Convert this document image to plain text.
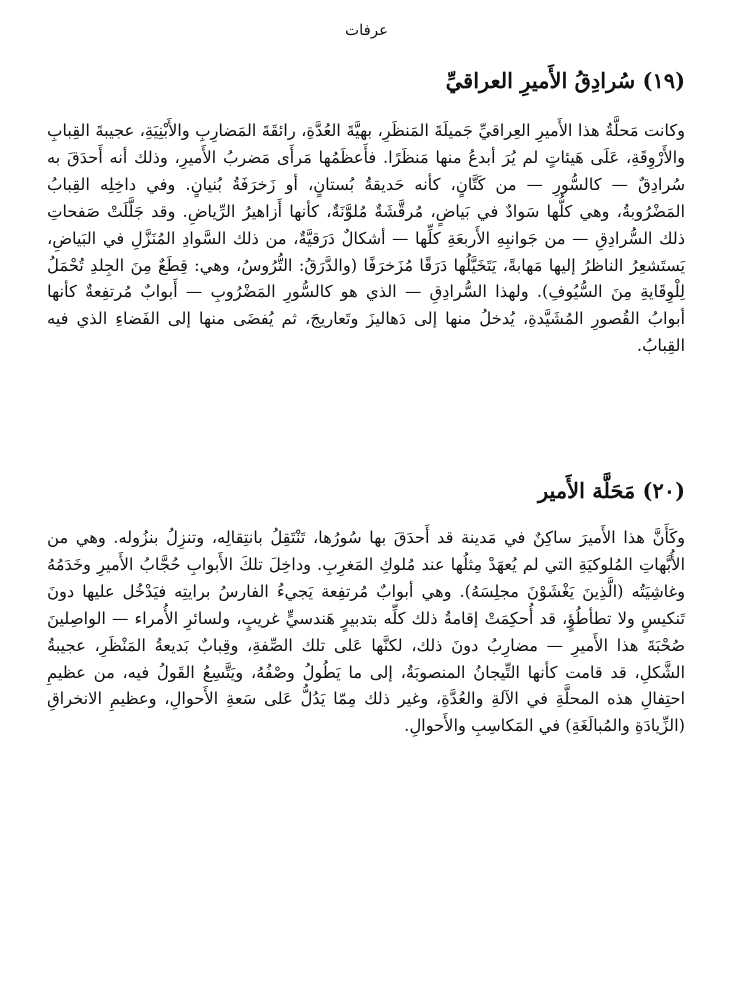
عرفات
(١٩) سُرادِقُ الأَميرِ العراقيِّ

وكانت مَحلَّةُ هذا الأَميرِ العِراقيِّ جَميلَةَ المَنظَرِ، بهيَّةَ العُدَّةِ، رائقَةَ المَضارِبِ والأَبْنِيَةِ، عجيبةَ القِبابِ والأَرْوِقَةِ، عَلَى هَيئاتٍ لم يُرَ أبدعُ منها مَنظَرًا. فأَعظَمُها مَرأَى مَضربُ الأَميرِ، وذلك أنه أَحدَقَ به سُرادِقٌ — كالسُّورِ — من كَتَّانٍ، كأنه حَديقةُ بُستانٍ، أو زَخرَفَةُ بُنيانٍ. وفي داخِلِه القِبابُ المَضْرُوبةُ، وهي كلُّها سَوادٌ في بَياضٍ، مُرقَّشَةٌ مُلوَّنَةٌ، كأنها أَزاهيرُ الرِّياضِ. وقد جَلَّلَتْ صَفحاتِ ذلك السُّرادِقِ — من جَوانبِهِ الأَربعَةِ كلِّها — أشكالٌ دَرَقيَّةٌ، من ذلك السَّوادِ المُنَزَّلِ في البَياضِ، يَستَشعِرُ الناظرُ إليها مَهابةً، يَتَخَيَّلُها دَرَقًا مُزَخرَفًا (والدَّرَقُ: التُّرُوسُ، وهي: قِطَعٌ مِنَ الجِلدِ تُحْمَلُ لِلْوِقَايةِ مِنَ السُّيُوفِ). ولهذا السُّرادِقِ — الذي هو كالسُّورِ المَضْرُوبِ — أَبوابٌ مُرتفِعةٌ كأنها أبوابُ القُصورِ المُشَيَّدةِ، يُدخلُ منها إلى دَهاليزَ وتَعاريجَ، ثم يُفضَى منها إلى الفَضاءِ الذي فيه القِبابُ.

(٢٠) مَحَلَّة الأَمير

وكَأَنَّ هذا الأَميرَ ساكِنٌ في مَدينة قد أَحدَقَ بها سُورُها، تَنْتَقِلُ بانتِقالِه، وتنزِلُ بنزُوله. وهي من الأُبَّهاتِ المُلوكيَةِ التي لم يُعهَدْ مِثلُها عند مُلوكِ المَغرِبِ. وداخِلَ تلكَ الأَبوابِ حُجَّابُ الأَميرِ وخَدَمُهُ وغاشِيَتُه (الَّذِينَ يَغْشَوْنَ مجلِسَهُ). وهي أبوابٌ مُرتفِعة يَجيءُ الفارسُ برايتِه فيَدْخُل عليها دونَ تَنكيسٍ ولا تطأطُؤٍ، قد أُحكِمَتْ إقامةُ ذلك كلِّه بتدبيرٍ هَندسيٍّ غريبٍ، ولسائرِ الأُمراء — الواصِلينَ صُحْبَةَ هذا الأَميرِ — مضارِبُ دونَ ذلك، لكنَّها عَلى تلك الصِّفةِ، وقِبابٌ بَديعةُ المَنْظَرِ، عجيبةُ الشَّكلِ، قد قامت كأنها التِّيجانُ المنصوبَةُ، إلى ما يَطُولُ وصْفُهُ، ويَتَّسِعُ القَولُ فيه، من عظيمِ احتِفالِ هذه المحلَّةِ في الآلةِ والعُدَّةِ، وغير ذلك مِمّا يَدُلُّ عَلى سَعةِ الأَحوالِ، وعظيمِ الانخراقِ (الزِّيادَةِ والمُبالَغَةِ) في المَكاسِبِ والأَحوالِ.
